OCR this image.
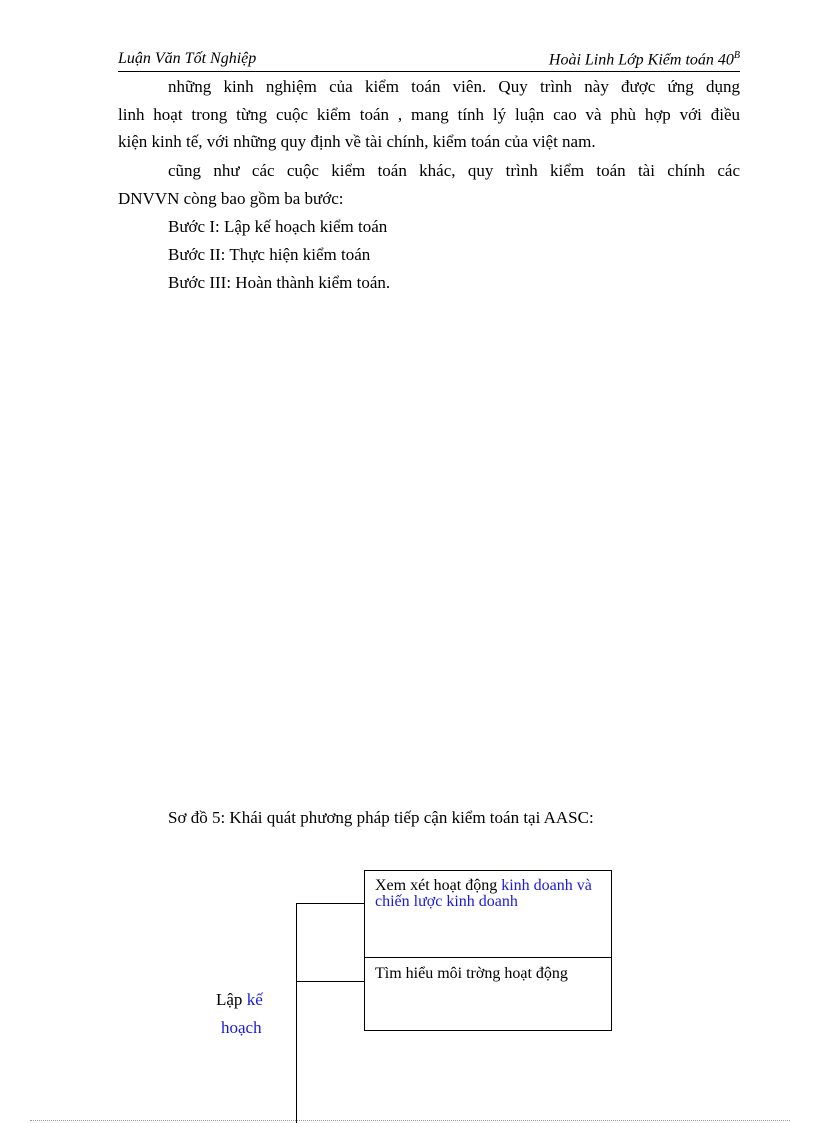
Luận Văn Tốt Nghiệp	Hoài Linh Lớp Kiểm toán $40^B$
những kinh nghiệm của kiểm toán viên. Quy trình này được ứng dụng
linh hoạt trong từng cuộc kiểm toán , mang tính lý luận cao và phù hợp với điều
kiện kinh tế, với những quy định về tài chính, kiểm toán của việt nam.
cũng như các cuộc kiểm toán khác, quy trình kiểm toán tài chính các
DNVVN còng bao gồm ba bước:
Bước I: Lập kế hoạch kiểm toán
Bước II: Thực hiện kiểm toán
Bước III: Hoàn thành kiểm toán.
Sơ đồ 5: Khái quát phương pháp tiếp cận kiểm toán tại AASC:
Xem xét hoạt động kinh doanh và chiến lược kinh doanh
Tìm hiểu môi trờng hoạt động
Lập kế
hoạch
